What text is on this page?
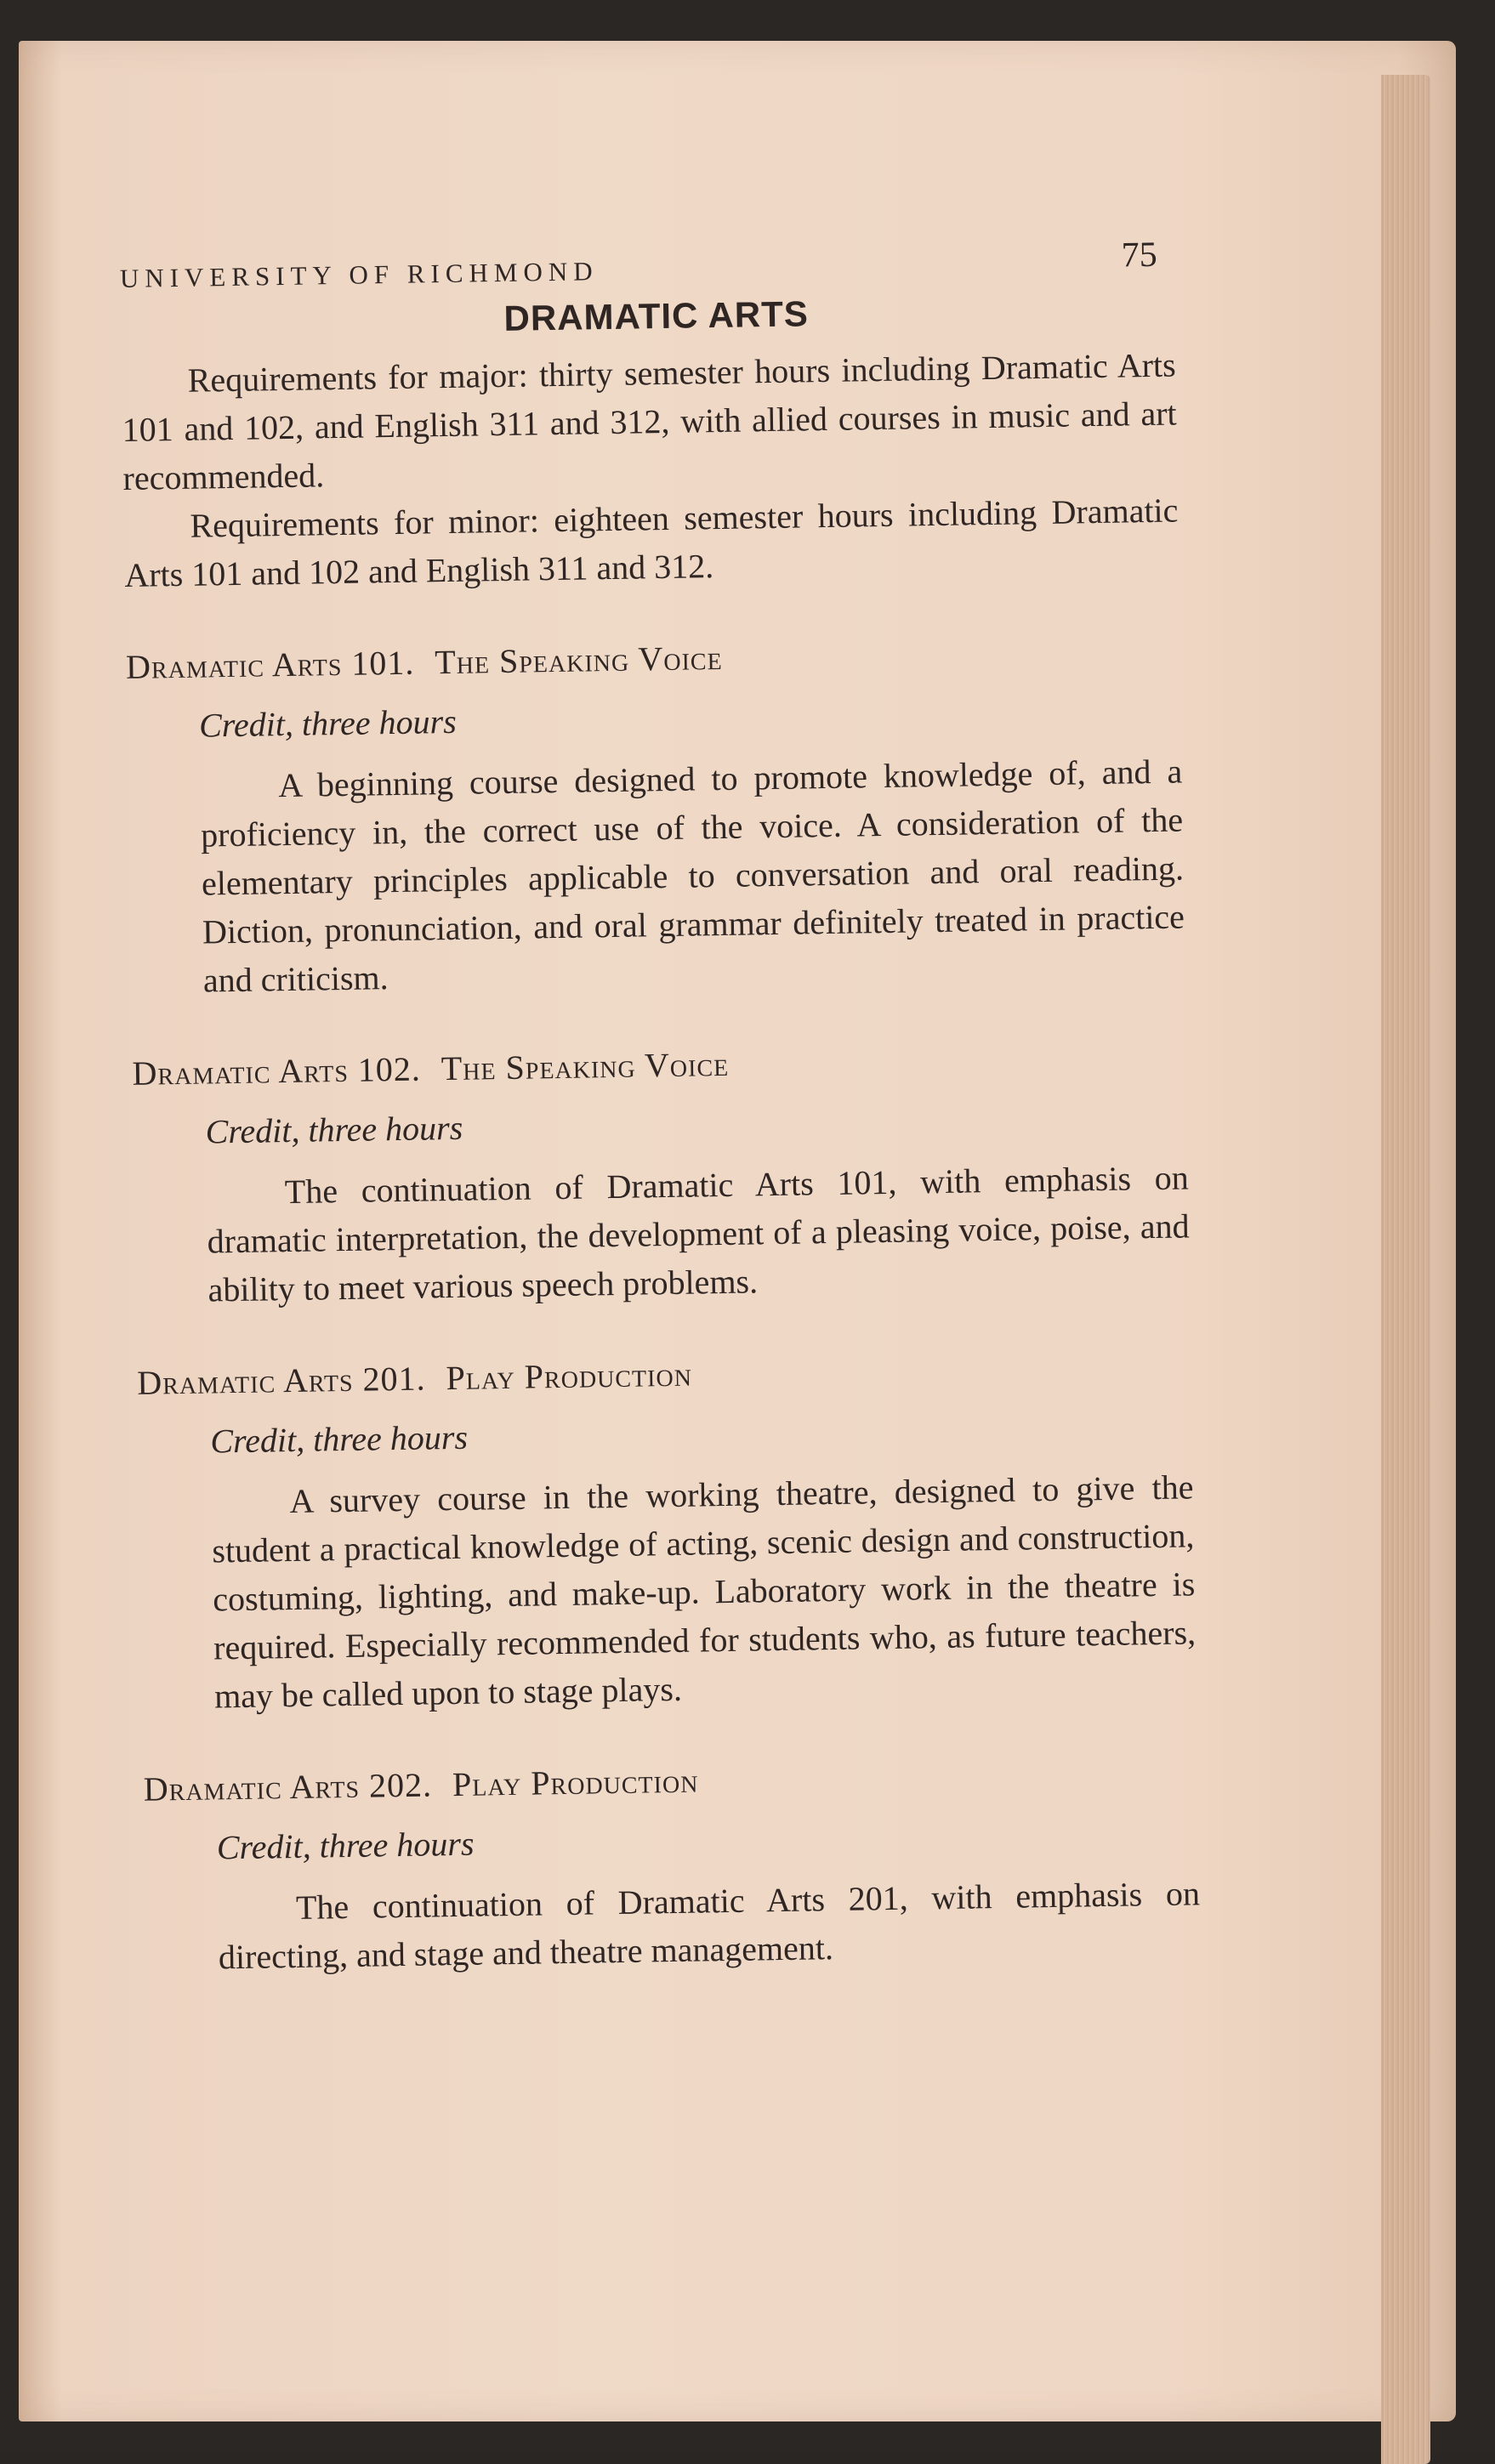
UNIVERSITY OF RICHMOND	75
DRAMATIC ARTS

Requirements for major: thirty semester hours including Dramatic Arts 101 and 102, and English 311 and 312, with allied courses in music and art recommended.

Requirements for minor: eighteen semester hours including Dramatic Arts 101 and 102 and English 311 and 312.

Dramatic Arts 101. The Speaking Voice
Credit, three hours

A beginning course designed to promote knowledge of, and a proficiency in, the correct use of the voice. A consideration of the elementary principles applicable to conversation and oral reading. Diction, pronunciation, and oral grammar definitely treated in practice and criticism.

Dramatic Arts 102. The Speaking Voice
Credit, three hours

The continuation of Dramatic Arts 101, with emphasis on dramatic interpretation, the development of a pleasing voice, poise, and ability to meet various speech problems.

Dramatic Arts 201. Play Production
Credit, three hours

A survey course in the working theatre, designed to give the student a practical knowledge of acting, scenic design and construction, costuming, lighting, and make-up. Laboratory work in the theatre is required. Especially recommended for students who, as future teachers, may be called upon to stage plays.

Dramatic Arts 202. Play Production
Credit, three hours

The continuation of Dramatic Arts 201, with emphasis on directing, and stage and theatre management.
